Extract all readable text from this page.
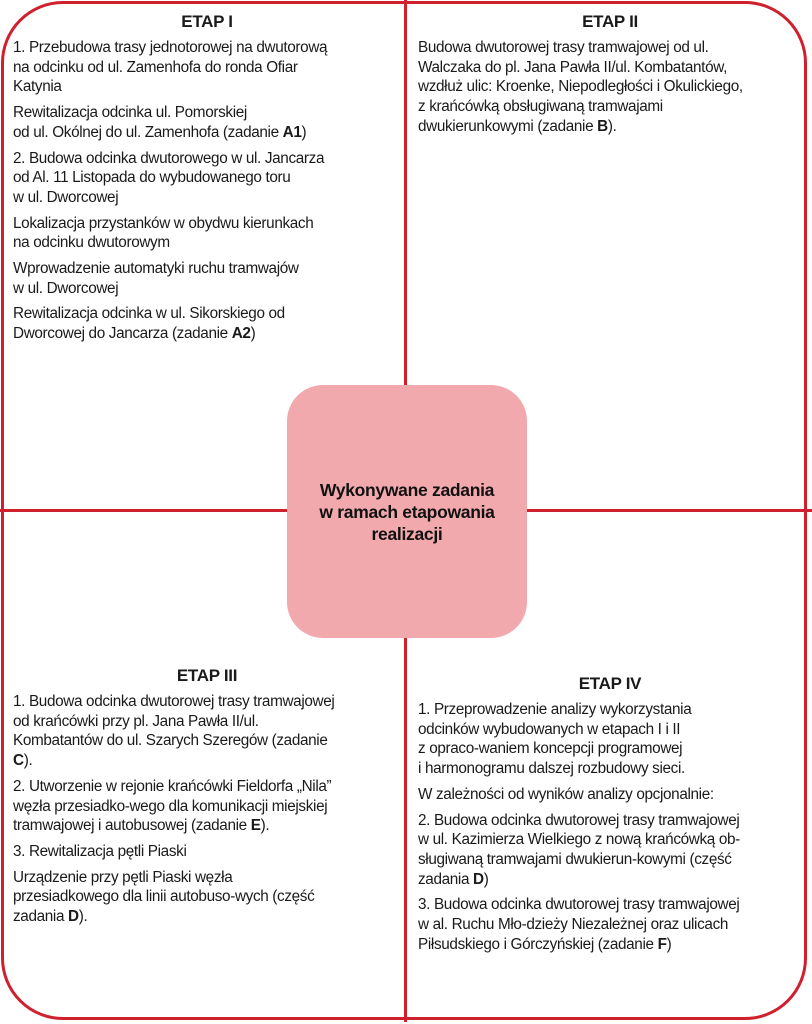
ETAP I
1. Przebudowa trasy jednotorowej na dwutorową
na odcinku od ul. Zamenhofa do ronda Ofiar
Katynia
Rewitalizacja odcinka ul. Pomorskiej
od ul. Okólnej do ul. Zamenhofa (zadanie A1)
2. Budowa odcinka dwutorowego w ul. Jancarza
od Al. 11 Listopada do wybudowanego toru
w ul. Dworcowej
Lokalizacja przystanków w obydwu kierunkach
na odcinku dwutorowym
Wprowadzenie automatyki ruchu tramwajów
w ul. Dworcowej
Rewitalizacja odcinka w ul. Sikorskiego od
Dworcowej do Jancarza (zadanie A2)
ETAP II
Budowa dwutorowej trasy tramwajowej od ul.
Walczaka do pl. Jana Pawła II/ul. Kombatantów,
wzdłuż ulic: Kroenke, Niepodległości i Okulickiego,
z krańcówką obsługiwaną tramwajami
dwukierunkowymi (zadanie B).
ETAP III
1. Budowa odcinka dwutorowej trasy tramwajowej
od krańcówki przy pl. Jana Pawła II/ul.
Kombatantów do ul. Szarych Szeregów (zadanie
C).
2. Utworzenie w rejonie krańcówki Fieldorfa „Nila”
węzła przesiadko-wego dla komunikacji miejskiej
tramwajowej i autobusowej (zadanie E).
3. Rewitalizacja pętli Piaski
Urządzenie przy pętli Piaski węzła
przesiadkowego dla linii autobuso-wych (część
zadania D).
ETAP IV
1. Przeprowadzenie analizy wykorzystania
odcinków wybudowanych w etapach I i II
z opraco-waniem koncepcji programowej
i harmonogramu dalszej rozbudowy sieci.
W zależności od wyników analizy opcjonalnie:
2. Budowa odcinka dwutorowej trasy tramwajowej
w ul. Kazimierza Wielkiego z nową krańcówką ob-
sługiwaną tramwajami dwukierun-kowymi (część
zadania D)
3. Budowa odcinka dwutorowej trasy tramwajowej
w al. Ruchu Mło-dzieży Niezależnej oraz ulicach
Piłsudskiego i Górczyńskiej (zadanie F)
Wykonywane zadania
w ramach etapowania
realizacji
